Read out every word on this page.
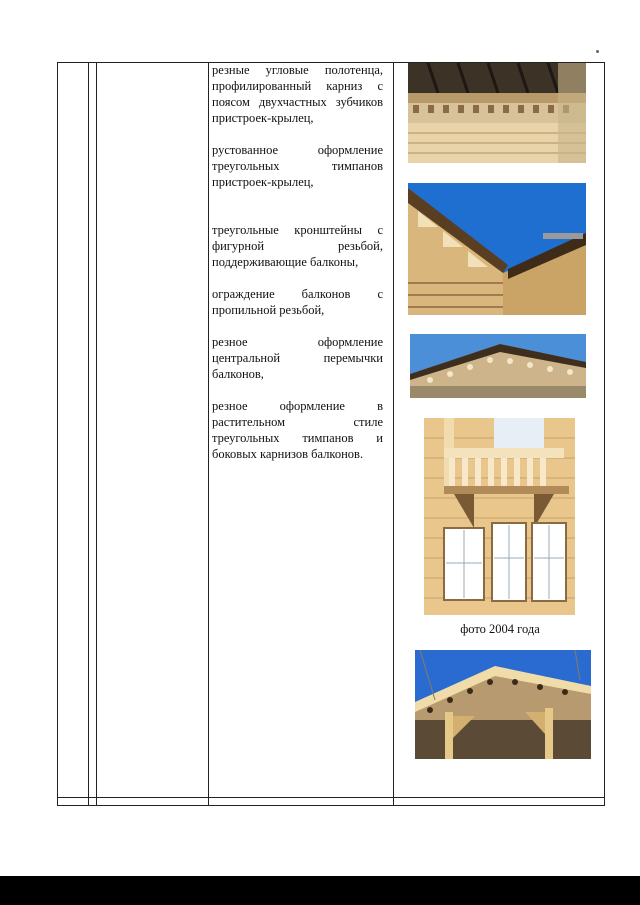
резные угловые полотенца, профилированный карниз с поясом двухчастных зубчиков пристроек-крылец,

рустованное оформление треугольных тимпанов пристроек-крылец,

треугольные кронштейны с фигурной резьбой, поддерживающие балконы,

ограждение балконов с пропильной резьбой,

резное оформление центральной перемычки балконов,

резное оформление в растительном стиле треугольных тимпанов и боковых карнизов балконов.

фото 2004 года
